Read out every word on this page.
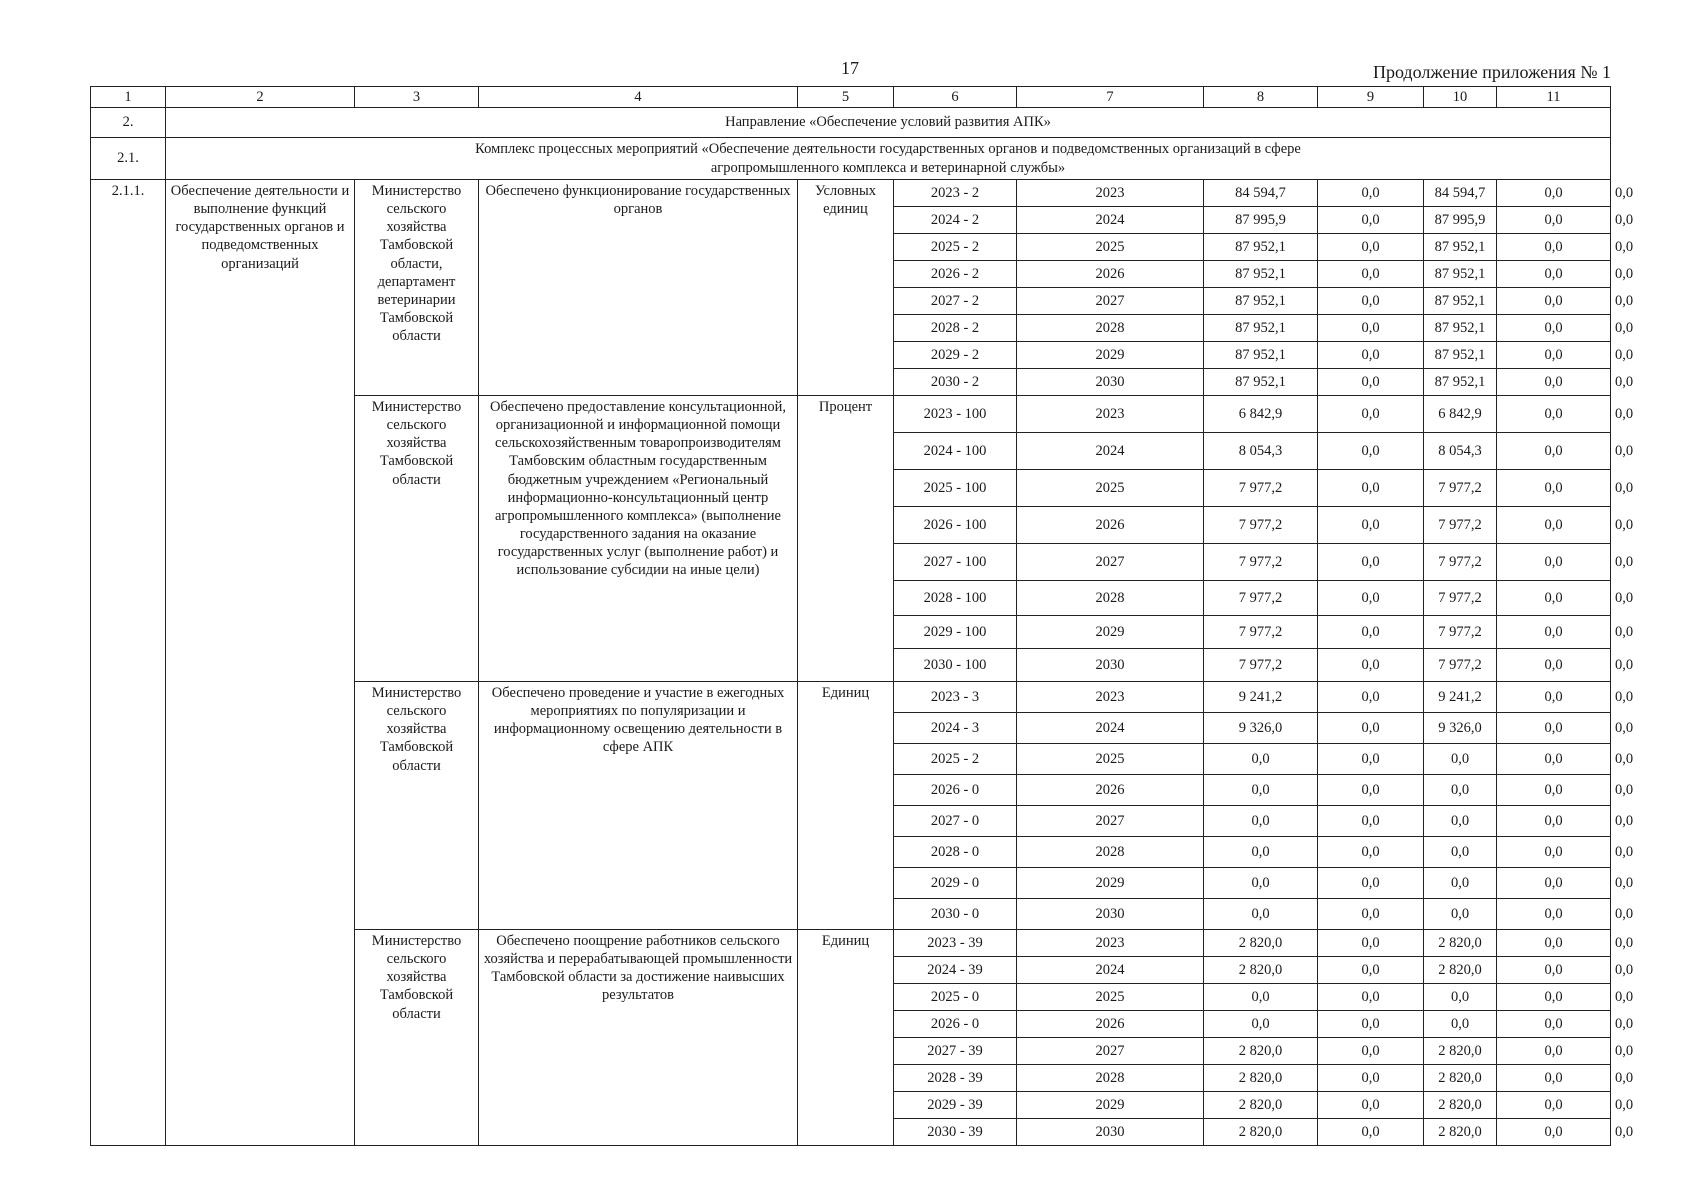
17	Продолжение приложения № 1
1	2	3	4	5	6	7	8	9	10	11	
2.	Направление «Обеспечение условий развития АПК»										
2.1.	Комплекс процессных мероприятий «Обеспечение деятельности государственных органов и подведомственных организаций в сфере
агропромышленного комплекса и ветеринарной службы»										

2.1.1.	Обеспечение деятельности и выполнение функций государственных органов и подведомственных организаций	Министерство сельского хозяйства Тамбовской области, департамент ветеринарии Тамбовской области	Обеспечено функционирование государственных органов	Условных единиц	2023 - 2	2023	84 594,7	0,0	84 594,7	0,0	0,0
					2024 - 2	2024	87 995,9	0,0	87 995,9	0,0	0,0
					2025 - 2	2025	87 952,1	0,0	87 952,1	0,0	0,0
					2026 - 2	2026	87 952,1	0,0	87 952,1	0,0	0,0
					2027 - 2	2027	87 952,1	0,0	87 952,1	0,0	0,0
					2028 - 2	2028	87 952,1	0,0	87 952,1	0,0	0,0
					2029 - 2	2029	87 952,1	0,0	87 952,1	0,0	0,0
					2030 - 2	2030	87 952,1	0,0	87 952,1	0,0	0,0
		Министерство сельского хозяйства Тамбовской области	Обеспечено предоставление консультационной, организационной и информационной помощи сельскохозяйственным товаропроизводителям Тамбовским областным государственным бюджетным учреждением «Региональный информационно-консультационный центр агропромышленного комплекса» (выполнение государственного задания на оказание государственных услуг (выполнение работ) и использование субсидии на иные цели)	Процент	2023 - 100	2023	6 842,9	0,0	6 842,9	0,0	0,0
					2024 - 100	2024	8 054,3	0,0	8 054,3	0,0	0,0
					2025 - 100	2025	7 977,2	0,0	7 977,2	0,0	0,0
					2026 - 100	2026	7 977,2	0,0	7 977,2	0,0	0,0
					2027 - 100	2027	7 977,2	0,0	7 977,2	0,0	0,0
					2028 - 100	2028	7 977,2	0,0	7 977,2	0,0	0,0
					2029 - 100	2029	7 977,2	0,0	7 977,2	0,0	0,0
					2030 - 100	2030	7 977,2	0,0	7 977,2	0,0	0,0
		Министерство сельского хозяйства Тамбовской области	Обеспечено проведение и участие в ежегодных мероприятиях по популяризации и информационному освещению деятельности в сфере АПК	Единиц	2023 - 3	2023	9 241,2	0,0	9 241,2	0,0	0,0
					2024 - 3	2024	9 326,0	0,0	9 326,0	0,0	0,0
					2025 - 2	2025	0,0	0,0	0,0	0,0	0,0
					2026 - 0	2026	0,0	0,0	0,0	0,0	0,0
					2027 - 0	2027	0,0	0,0	0,0	0,0	0,0
					2028 - 0	2028	0,0	0,0	0,0	0,0	0,0
					2029 - 0	2029	0,0	0,0	0,0	0,0	0,0
					2030 - 0	2030	0,0	0,0	0,0	0,0	0,0
		Министерство сельского хозяйства Тамбовской области	Обеспечено поощрение работников сельского хозяйства и перерабатывающей промышленности Тамбовской области за достижение наивысших результатов	Единиц	2023 - 39	2023	2 820,0	0,0	2 820,0	0,0	0,0
					2024 - 39	2024	2 820,0	0,0	2 820,0	0,0	0,0
					2025 - 0	2025	0,0	0,0	0,0	0,0	0,0
					2026 - 0	2026	0,0	0,0	0,0	0,0	0,0
					2027 - 39	2027	2 820,0	0,0	2 820,0	0,0	0,0
					2028 - 39	2028	2 820,0	0,0	2 820,0	0,0	0,0
					2029 - 39	2029	2 820,0	0,0	2 820,0	0,0	0,0
					2030 - 39	2030	2 820,0	0,0	2 820,0	0,0	0,0
